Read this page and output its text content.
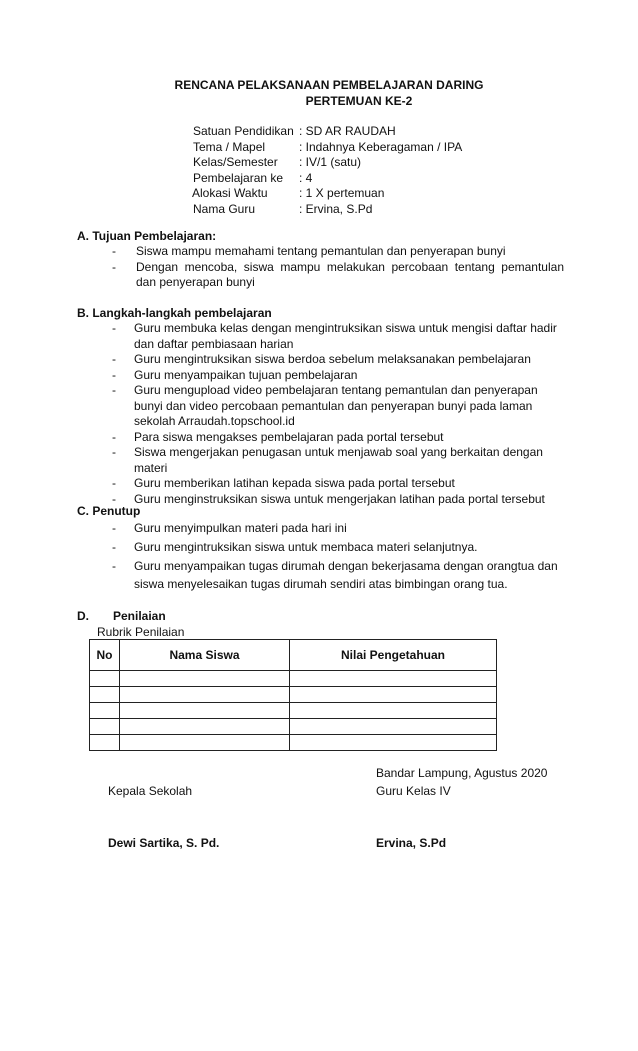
RENCANA PELAKSANAAN PEMBELAJARAN DARING
PERTEMUAN KE-2
Satuan Pendidikan : SD AR RAUDAH
Tema / Mapel	: Indahnya Keberagaman / IPA
Kelas/Semester : IV/1 (satu)
Pembelajaran ke : 4
Alokasi Waktu	: 1 X pertemuan
Nama Guru	: Ervina, S.Pd
A. Tujuan Pembelajaran:

- Siswa mampu memahami tentang pemantulan dan penyerapan bunyi

- Dengan mencoba, siswa mampu melakukan percobaan tentang pemantulan dan penyerapan bunyi

B. Langkah-langkah pembelajaran

- Guru membuka kelas dengan mengintruksikan siswa untuk mengisi daftar hadir dan daftar pembiasaan harian

- Guru mengintruksikan siswa berdoa sebelum melaksanakan pembelajaran

- Guru menyampaikan tujuan pembelajaran

- Guru mengupload video pembelajaran tentang pemantulan dan penyerapan bunyi dan video percobaan pemantulan dan penyerapan bunyi pada laman sekolah Arraudah.topschool.id

- Para siswa mengakses pembelajaran pada portal tersebut

- Siswa mengerjakan penugasan untuk menjawab soal yang berkaitan dengan materi

- Guru memberikan latihan kepada siswa pada portal tersebut

- Guru menginstruksikan siswa untuk mengerjakan latihan pada portal tersebut

C. Penutup

- Guru menyimpulkan materi pada hari ini

- Guru mengintruksikan siswa untuk membaca materi selanjutnya.

- Guru menyampaikan tugas dirumah dengan bekerjasama dengan orangtua dan siswa menyelesaikan tugas dirumah sendiri atas bimbingan orang tua.

D. Penilaian
Rubrik Penilaian
No	Nama Siswa	Nilai Pengetahuan

Bandar Lampung, Agustus 2020
Kepala Sekolah	Guru Kelas IV
Dewi Sartika, S. Pd.	Ervina, S.Pd
